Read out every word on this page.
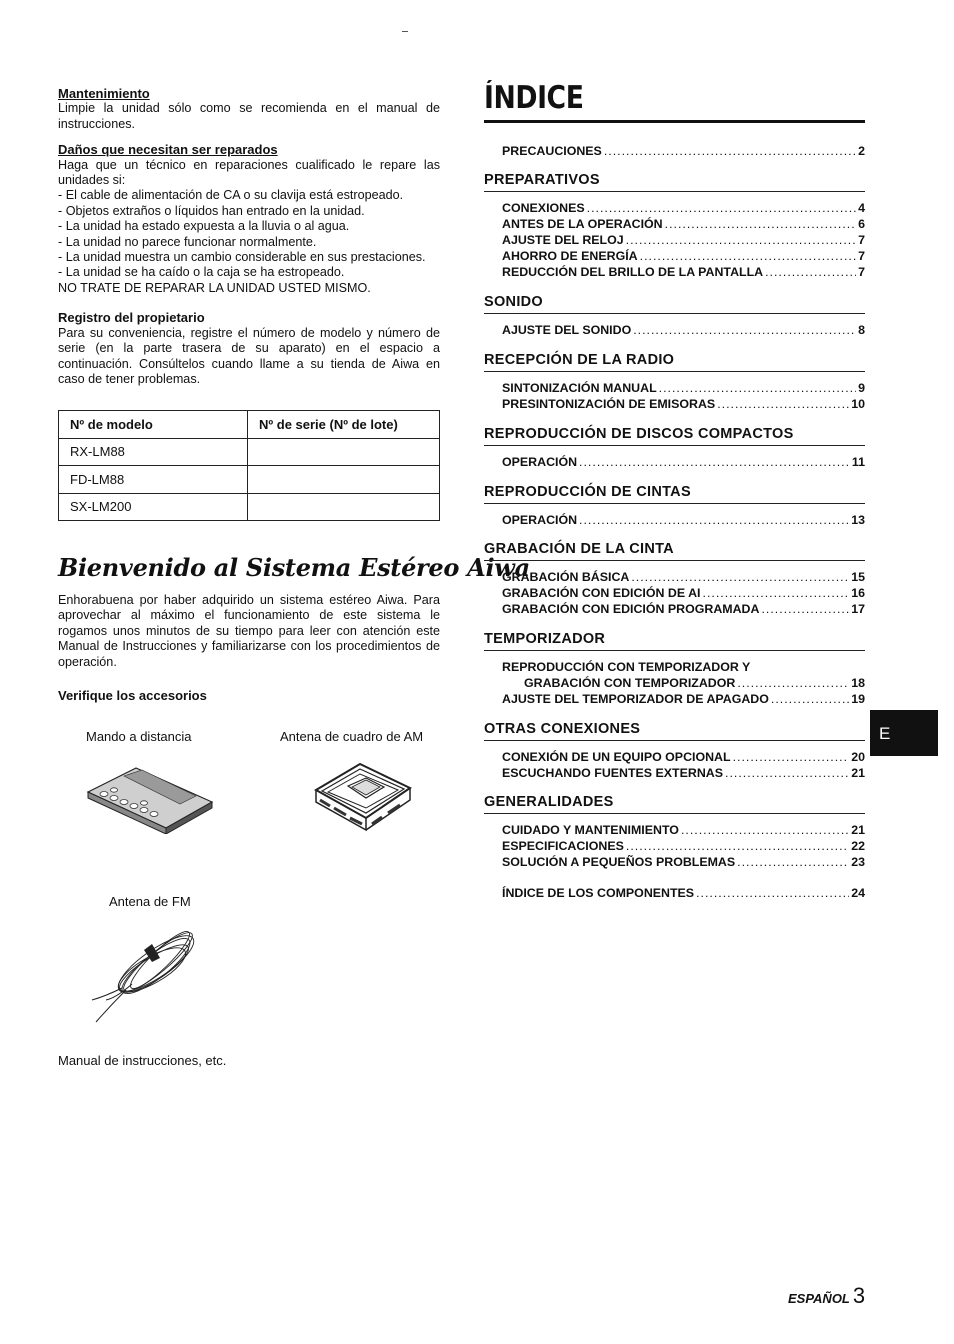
Mantenimiento
Limpie la unidad sólo como se recomienda en el manual de instrucciones.
Daños que necesitan ser reparados
Haga que un técnico en reparaciones cualificado le repare las unidades si:
- El cable de alimentación de CA o su clavija está estropeado.
- Objetos extraños o líquidos han entrado en la unidad.
- La unidad ha estado expuesta a la lluvia o al agua.
- La unidad no parece funcionar normalmente.
- La unidad muestra un cambio considerable en sus prestaciones.
- La unidad se ha caído o la caja se ha estropeado.
NO TRATE DE REPARAR LA UNIDAD USTED MISMO.
Registro del propietario
Para su conveniencia, registre el número de modelo y número de serie (en la parte trasera de su aparato) en el espacio a continuación. Consúltelos cuando llame a su tienda de Aiwa en caso de tener problemas.
Nº de modelo	Nº de serie (Nº de lote)
RX-LM88	
FD-LM88	
SX-LM200	
Bienvenido al Sistema Estéreo Aiwa
Enhorabuena por haber adquirido un sistema estéreo Aiwa. Para aprovechar al máximo el funcionamiento de este sistema le rogamos unos minutos de su tiempo para leer con atención este Manual de Instrucciones y familiarizarse con los procedimientos de operación.
Verifique los accesorios
Mando a distancia	Antena de cuadro de AM
Antena de FM
Manual de instrucciones, etc.
ÍNDICE
PRECAUCIONES .....	2
PREPARATIVOS
CONEXIONES .....	4
ANTES DE LA OPERACIÓN .....	6
AJUSTE DEL RELOJ .....	7
AHORRO DE ENERGÍA .....	7
REDUCCIÓN DEL BRILLO DE LA PANTALLA .....	7
SONIDO
AJUSTE DEL SONIDO .....	8
RECEPCIÓN DE LA RADIO
SINTONIZACIÓN MANUAL .....	9
PRESINTONIZACIÓN DE EMISORAS .....	10
REPRODUCCIÓN DE DISCOS COMPACTOS
OPERACIÓN .....	11
REPRODUCCIÓN DE CINTAS
OPERACIÓN .....	13
GRABACIÓN DE LA CINTA
GRABACIÓN BÁSICA .....	15
GRABACIÓN CON EDICIÓN DE AI .....	16
GRABACIÓN CON EDICIÓN PROGRAMADA .....	17
TEMPORIZADOR
REPRODUCCIÓN CON TEMPORIZADOR Y
GRABACIÓN CON TEMPORIZADOR .....	18
AJUSTE DEL TEMPORIZADOR DE APAGADO .....	19
OTRAS CONEXIONES
CONEXIÓN DE UN EQUIPO OPCIONAL .....	20
ESCUCHANDO FUENTES EXTERNAS .....	21
GENERALIDADES
CUIDADO Y MANTENIMIENTO .....	21
ESPECIFICACIONES .....	22
SOLUCIÓN A PEQUEÑOS PROBLEMAS .....	23
ÍNDICE DE LOS COMPONENTES .....	24
E
ESPAÑOL 3
